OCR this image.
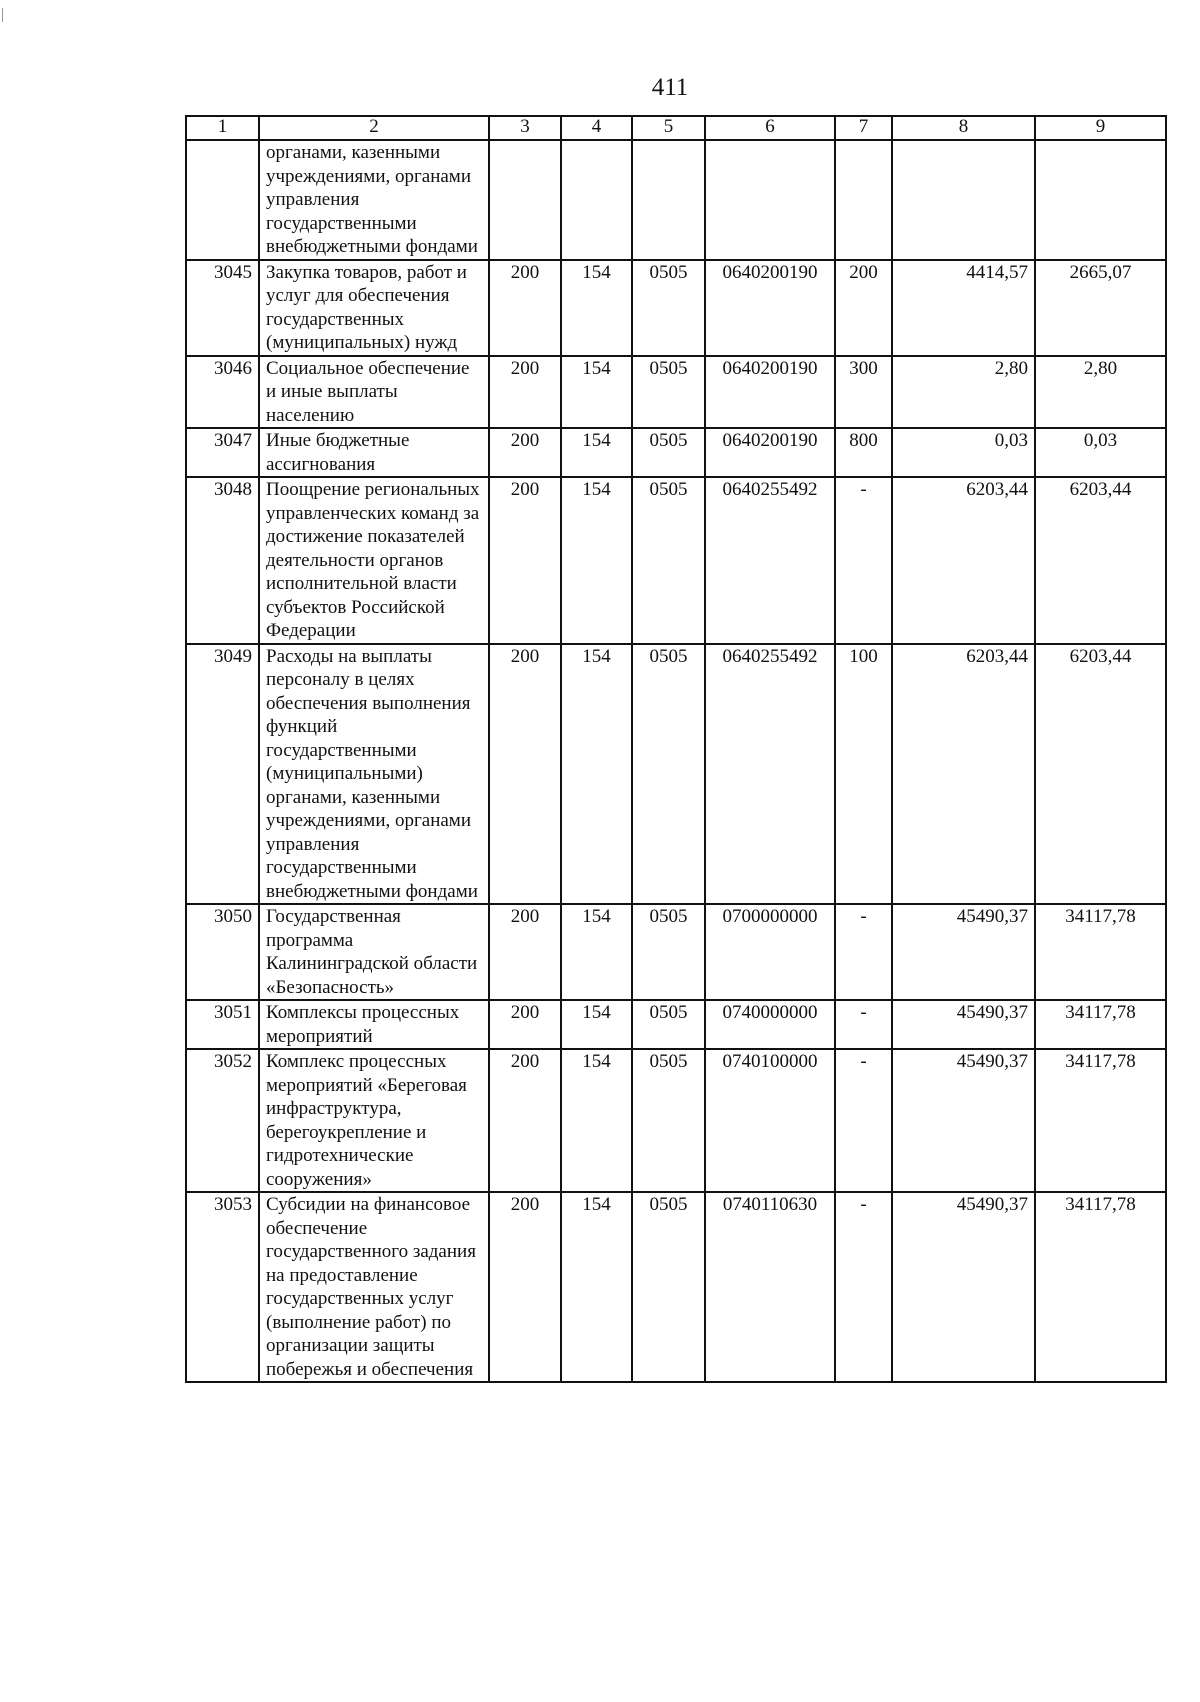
411
1	2	3	4	5	6	7	8	9
	органами, казенными учреждениями, органами управления государственными внебюджетными фондами							
3045	Закупка товаров, работ и услуг для обеспечения государственных (муниципальных) нужд	200	154	0505	0640200190	200	4414,57	2665,07
3046	Социальное обеспечение и иные выплаты населению	200	154	0505	0640200190	300	2,80	2,80
3047	Иные бюджетные ассигнования	200	154	0505	0640200190	800	0,03	0,03
3048	Поощрение региональных управленческих команд за достижение показателей деятельности органов исполнительной власти субъектов Российской Федерации	200	154	0505	0640255492	-	6203,44	6203,44
3049	Расходы на выплаты персоналу в целях обеспечения выполнения функций государственными (муниципальными) органами, казенными учреждениями, органами управления государственными внебюджетными фондами	200	154	0505	0640255492	100	6203,44	6203,44
3050	Государственная программа Калининградской области «Безопасность»	200	154	0505	0700000000	-	45490,37	34117,78
3051	Комплексы процессных мероприятий	200	154	0505	0740000000	-	45490,37	34117,78
3052	Комплекс процессных мероприятий «Береговая инфраструктура, берегоукрепление и гидротехнические сооружения»	200	154	0505	0740100000	-	45490,37	34117,78
3053	Субсидии на финансовое обеспечение государственного задания на предоставление государственных услуг (выполнение работ) по организации защиты побережья и обеспечения	200	154	0505	0740110630	-	45490,37	34117,78
